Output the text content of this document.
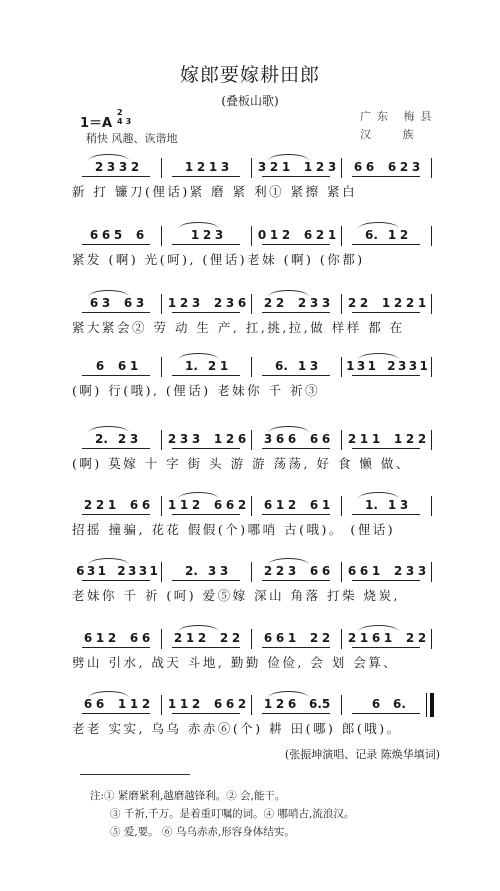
嫁郎要嫁耕田郎
(叠板山歌)
1＝A
2
4 3	广东 梅县
汉 族
稍快 风趣、诙谐地
2 3 3 2	1 2 1 3 3 2 1 1 2 3 6 6 6 2 3
新 打 镰刀(俚话)紧 磨 紧 利① 紧擦 紧白
6 6 5 6	1 2 3	0 1 2 6 2 1 6. 1 2
紧发 (啊) 光(呵), (俚话)老妹 (啊) (你都)
6 3 6 3 1 2 3 2 3 6 2 2 2 3 3 2 2 1 2 2 1
紧大紧会② 劳 动 生 产, 扛,挑,拉,做 样样 都 在
6 6 1	1. 2 1	6. 1 3 1 3 1 2 3 3 1
(啊) 行(哦), (俚话) 老妹你 千 祈③
2. 2 3 2 3 3 1 2 6 3 6 6 6 6 2 1 1 1 2 2
(啊) 莫嫁 十 字 街 头 游 游 荡荡, 好 食 懒 做、
2 2 1 6 6 1 1 2 6 6 2 6 1 2 6 1	1. 1 3
招摇 撞骗, 花花 假假(个)哪哨 古(哦)。 (俚话)
6 3 1 2 3 3 1 2. 3 3	2 2 3 6 6 6 6 1 2 3 3
老妹你 千 祈 (呵) 爱⑤嫁 深山 角落 打柴 烧炭,
6 1 2 6 6 2 1 2 2 2 6 6 1 2 2 2 1 6 1 2 2
劈山 引水, 战天 斗地, 勤勤 俭俭, 会 划 会算、
6 6 1 1 2 1 1 2 6 6 2 1 2 6 6. 5	6 6.
老老 实实, 乌乌 赤赤⑥(个) 耕 田(哪) 郎(哦)。
(张振坤演唱、记录 陈焕华填词)
注:① 紧磨紧利,越磨越锋利。② 会,能干。
③ 千祈,千万。是着重叮嘱的词。④ 哪哨古,流浪汉。
⑤ 爱,要。 ⑥ 乌乌赤赤,形容身体结实。
